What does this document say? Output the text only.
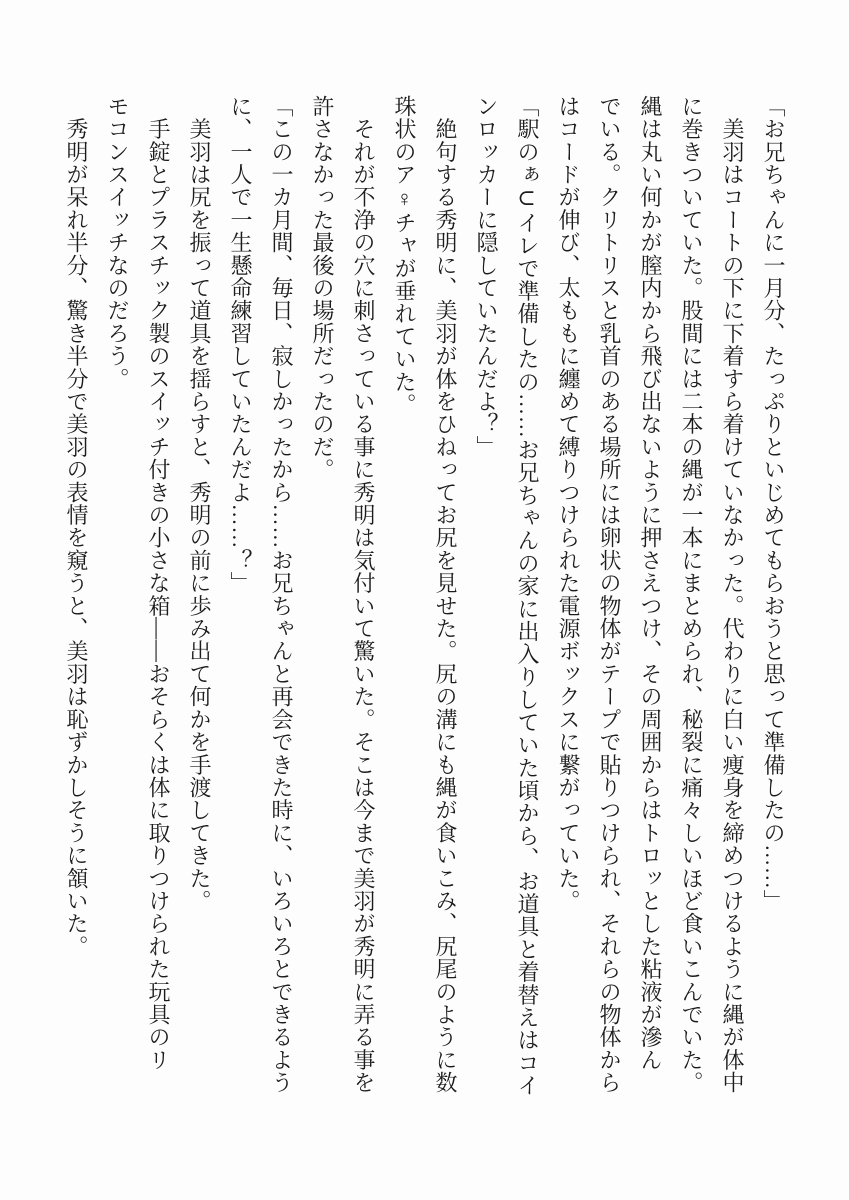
「お兄ちゃんに一月分、たっぷりといじめてもらおうと思って準備したの……」
　美羽はコートの下に下着すら着けていなかった。代わりに白い痩身を締めつけるように縄が体中
に巻きついていた。股間には二本の縄が一本にまとめられ、秘裂に痛々しいほど食いこんでいた。
縄は丸い何かが膣内から飛び出ないように押さえつけ、その周囲からはトロッとした粘液が滲ん
でいる。クリトリスと乳首のある場所には卵状の物体がテープで貼りつけられ、それらの物体から
はコードが伸び、太ももに纏めて縛りつけられた電源ボックスに繋がっていた。
「駅のぁ⊂イレで準備したの……お兄ちゃんの家に出入りしていた頃から、お道具と着替えはコイ
ンロッカーに隠していたんだよ？」
　絶句する秀明に、美羽が体をひねってお尻を見せた。尻の溝にも縄が食いこみ、尻尾のように数
珠状のア♀チャが垂れていた。
　それが不浄の穴に刺さっている事に秀明は気付いて驚いた。そこは今まで美羽が秀明に弄る事を
許さなかった最後の場所だったのだ。
「この一カ月間、毎日、寂しかったから……お兄ちゃんと再会できた時に、いろいろとできるよう
に、一人で一生懸命練習していたんだよ……？」
　美羽は尻を振って道具を揺らすと、秀明の前に歩み出て何かを手渡してきた。
　手錠とプラスチック製のスイッチ付きの小さな箱——おそらくは体に取りつけられた玩具のリ
モコンスイッチなのだろう。
　秀明が呆れ半分、驚き半分で美羽の表情を窺うと、美羽は恥ずかしそうに頷いた。
